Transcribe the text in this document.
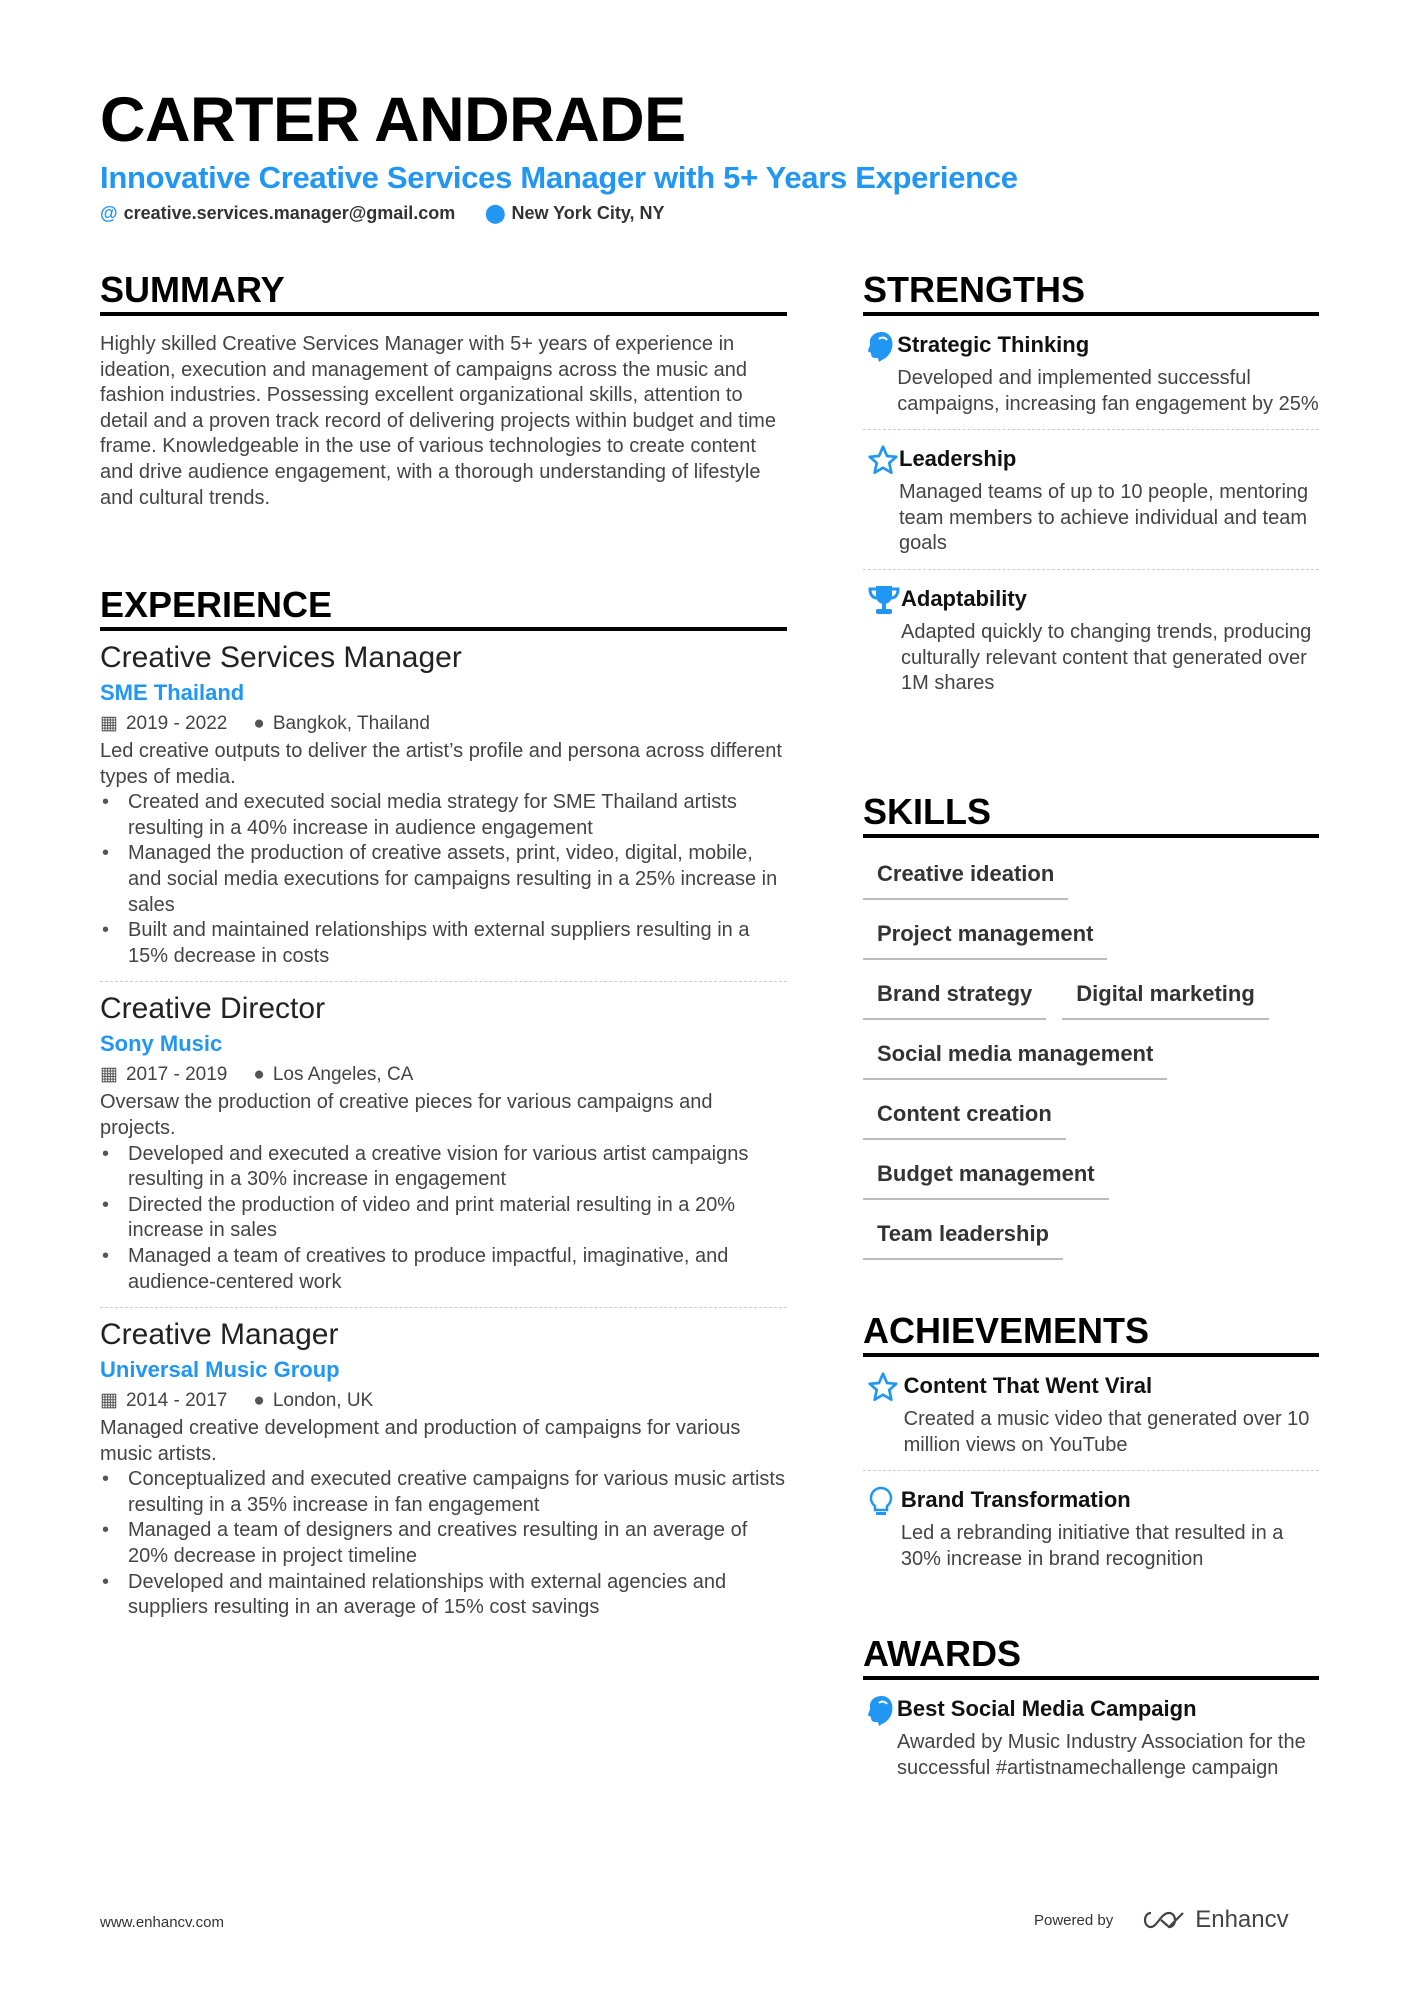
CARTER ANDRADE
Innovative Creative Services Manager with 5+ Years Experience
@ creative.services.manager@gmail.com ⬤ New York City, NY
SUMMARY
Highly skilled Creative Services Manager with 5+ years of experience in ideation, execution and management of campaigns across the music and fashion industries. Possessing excellent organizational skills, attention to detail and a proven track record of delivering projects within budget and time frame. Knowledgeable in the use of various technologies to create content and drive audience engagement, with a thorough understanding of lifestyle and cultural trends.
EXPERIENCE
Creative Services Manager
SME Thailand
▦ 2019 - 2022 ● Bangkok, Thailand
Led creative outputs to deliver the artist’s profile and persona across different types of media.
• Created and executed social media strategy for SME Thailand artists resulting in a 40% increase in audience engagement
• Managed the production of creative assets, print, video, digital, mobile, and social media executions for campaigns resulting in a 25% increase in sales
• Built and maintained relationships with external suppliers resulting in a 15% decrease in costs
Creative Director
Sony Music
▦ 2017 - 2019 ● Los Angeles, CA
Oversaw the production of creative pieces for various campaigns and projects.
• Developed and executed a creative vision for various artist campaigns resulting in a 30% increase in engagement
• Directed the production of video and print material resulting in a 20% increase in sales
• Managed a team of creatives to produce impactful, imaginative, and audience-centered work
Creative Manager
Universal Music Group
▦ 2014 - 2017 ● London, UK
Managed creative development and production of campaigns for various music artists.
• Conceptualized and executed creative campaigns for various music artists resulting in a 35% increase in fan engagement
• Managed a team of designers and creatives resulting in an average of 20% decrease in project timeline
• Developed and maintained relationships with external agencies and suppliers resulting in an average of 15% cost savings
STRENGTHS
Strategic Thinking
Developed and implemented successful campaigns, increasing fan engagement by 25%
Leadership
Managed teams of up to 10 people, mentoring team members to achieve individual and team goals
Adaptability
Adapted quickly to changing trends, producing culturally relevant content that generated over 1M shares
SKILLS
Creative ideation
Project management
Brand strategy	Digital marketing
Social media management
Content creation
Budget management
Team leadership
ACHIEVEMENTS
Content That Went Viral
Created a music video that generated over 10 million views on YouTube
Brand Transformation
Led a rebranding initiative that resulted in a 30% increase in brand recognition
AWARDS
Best Social Media Campaign
Awarded by Music Industry Association for the successful #artistnamechallenge campaign
www.enhancv.com	Powered by	Enhancv
